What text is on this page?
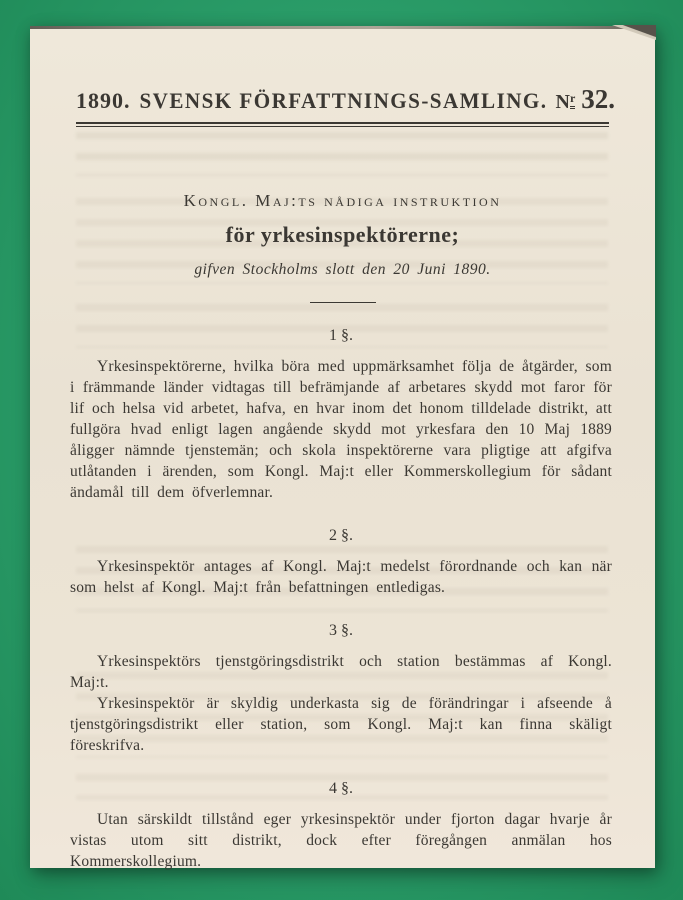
1890. SVENSK FÖRFATTNINGS-SAMLING. $N^r$ 32.
Kongl. Maj:ts nådiga instruktion
för yrkesinspektörerne;
gifven Stockholms slott den 20 Juni 1890.
1 §.

Yrkesinspektörerne, hvilka böra med uppmärksamhet följa de åtgärder, som i främmande länder vidtagas till befrämjande af arbetares skydd mot faror för lif och helsa vid arbetet, hafva, en hvar inom det honom tilldelade distrikt, att fullgöra hvad enligt lagen angående skydd mot yrkesfara den 10 Maj 1889 åligger nämnde tjenstemän; och skola inspektörerne vara pligtige att afgifva utlåtanden i ärenden, som Kongl. Maj:t eller Kommerskollegium för sådant ändamål till dem öfverlemnar.

2 §.

Yrkesinspektör antages af Kongl. Maj:t medelst förordnande och kan när som helst af Kongl. Maj:t från befattningen entledigas.

3 §.

Yrkesinspektörs tjenstgöringsdistrikt och station bestämmas af Kongl. Maj:t.

Yrkesinspektör är skyldig underkasta sig de förändringar i afseende å tjenstgöringsdistrikt eller station, som Kongl. Maj:t kan finna skäligt föreskrifva.

4 §.

Utan särskildt tillstånd eger yrkesinspektör under fjorton dagar hvarje år vistas utom sitt distrikt, dock efter föregången anmälan hos Kommerskollegium.
